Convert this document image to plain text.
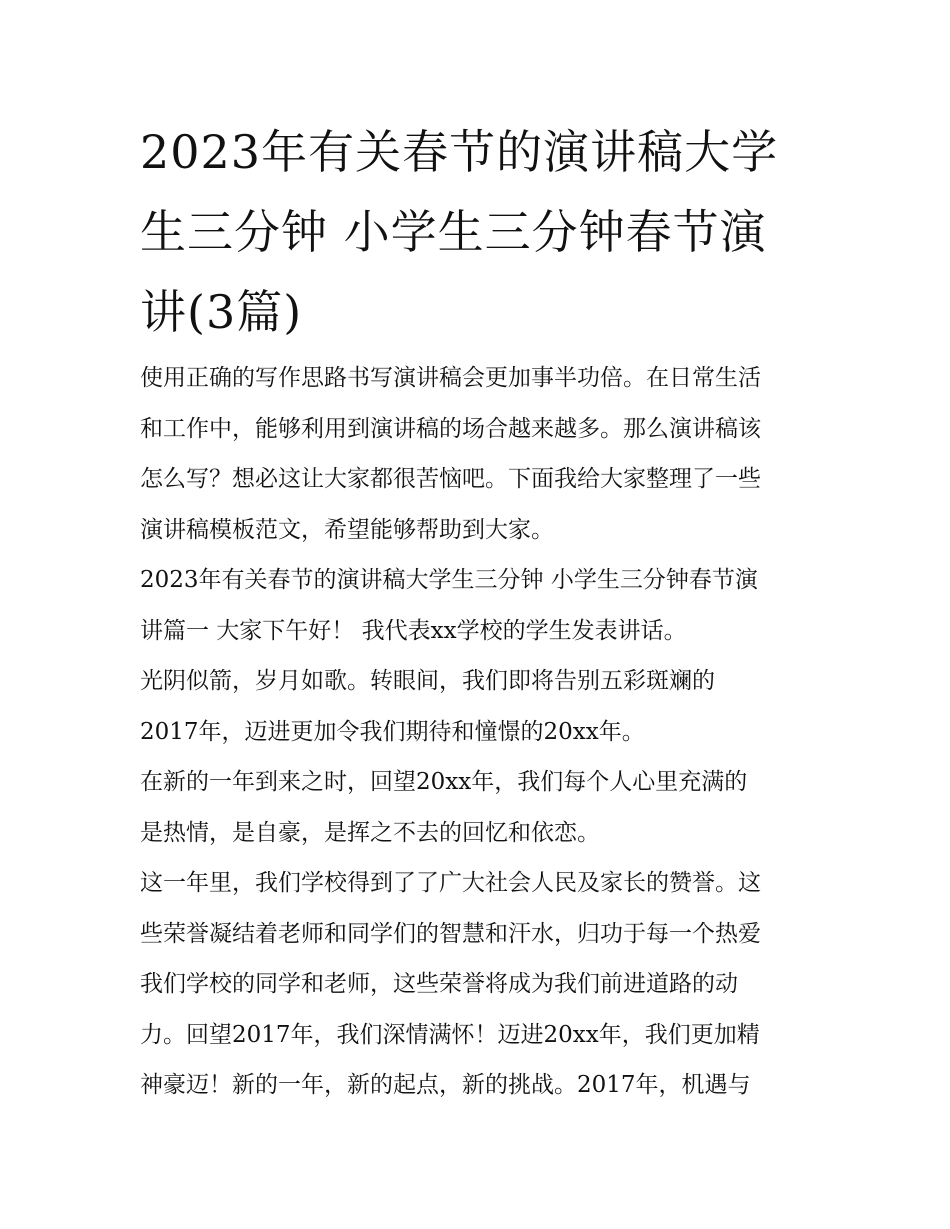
2023年有关春节的演讲稿大学
生三分钟 小学生三分钟春节演
讲(3篇)
使用正确的写作思路书写演讲稿会更加事半功倍。在日常生活
和工作中，能够利用到演讲稿的场合越来越多。那么演讲稿该
怎么写？想必这让大家都很苦恼吧。下面我给大家整理了一些
演讲稿模板范文，希望能够帮助到大家。
2023年有关春节的演讲稿大学生三分钟 小学生三分钟春节演
讲篇一 大家下午好！ 我代表xx学校的学生发表讲话。
光阴似箭，岁月如歌。转眼间，我们即将告别五彩斑斓的
2017年，迈进更加令我们期待和憧憬的20xx年。
在新的一年到来之时，回望20xx年，我们每个人心里充满的
是热情，是自豪，是挥之不去的回忆和依恋。
这一年里，我们学校得到了了广大社会人民及家长的赞誉。这
些荣誉凝结着老师和同学们的智慧和汗水，归功于每一个热爱
我们学校的同学和老师，这些荣誉将成为我们前进道路的动
力。回望2017年，我们深情满怀！迈进20xx年，我们更加精
神豪迈！新的一年，新的起点，新的挑战。2017年，机遇与
